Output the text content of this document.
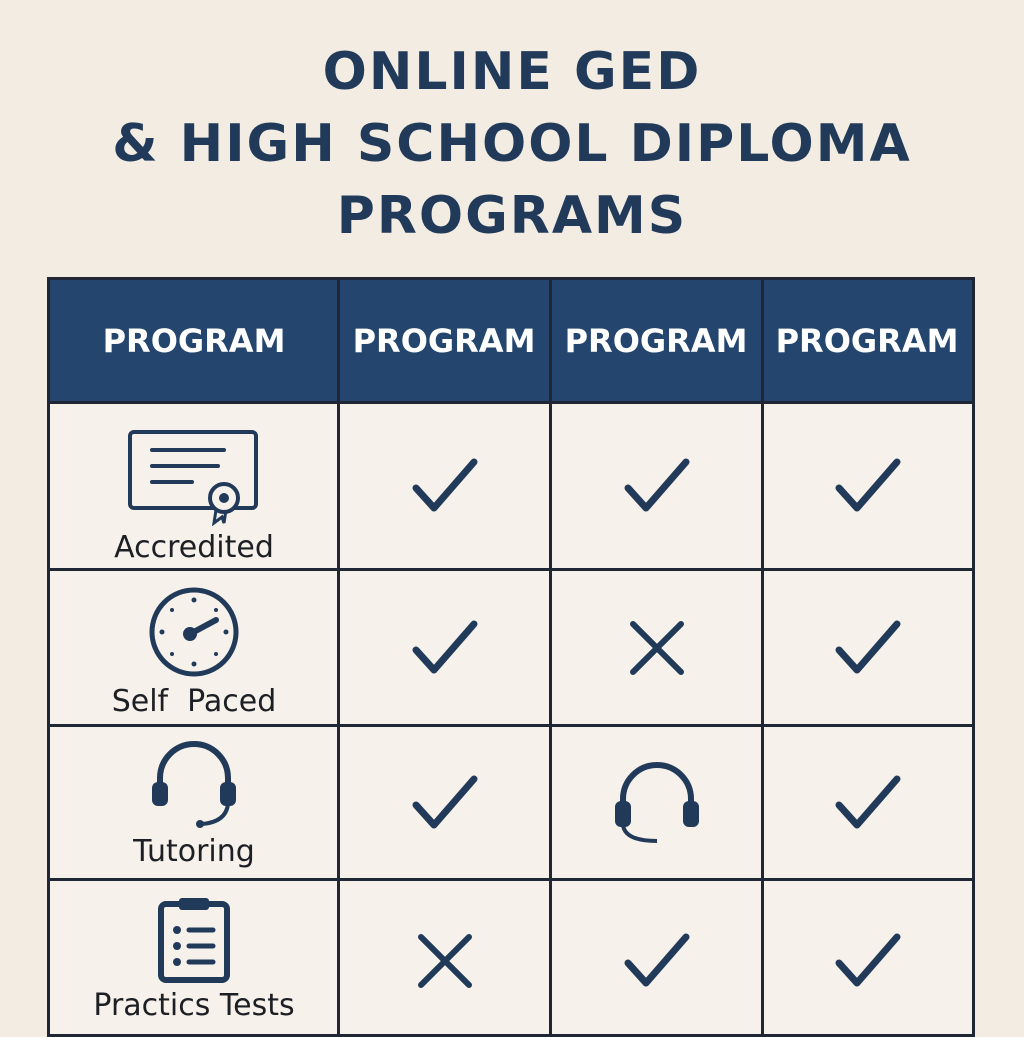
ONLINE GED
& HIGH SCHOOL DIPLOMA
PROGRAMS
PROGRAM	PROGRAM PROGRAM PROGRAM
Accredited
Self  Paced
Tutoring
Practics Tests
